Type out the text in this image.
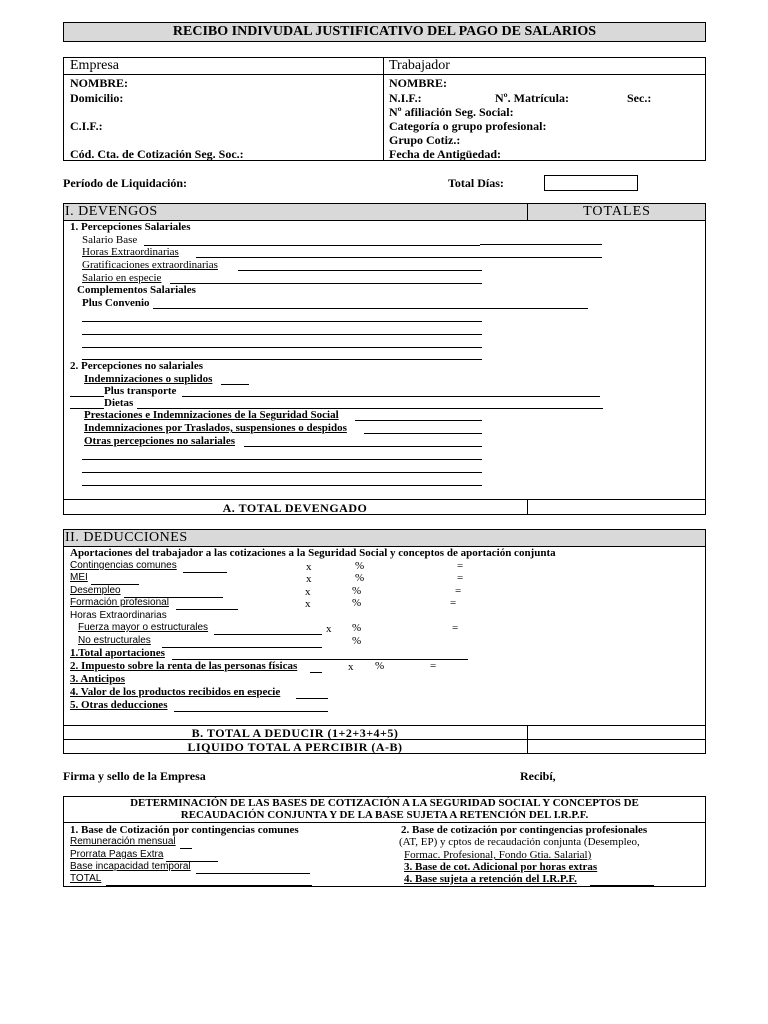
RECIBO INDIVUDAL JUSTIFICATIVO DEL PAGO DE SALARIOS
Empresa	Trabajador
NOMBRE:
Domicilio:
C.I.F.:
Cód. Cta. de Cotización Seg. Soc.:
NOMBRE:
N.I.F.:	Nº. Matrícula:	Sec.:
Nº afiliación Seg. Social:
Categoría o grupo profesional:
Grupo Cotiz.:
Fecha de Antigüedad:
Período de Liquidación:	Total Días:
I. DEVENGOS	TOTALES
1. Percepciones Salariales
Salario Base
Horas Extraordinarias
Gratificaciones extraordinarias
Salario en especie
Complementos Salariales
Plus Convenio
2. Percepciones no salariales
Indemnizaciones o suplidos
Plus transporte
Dietas
Prestaciones e Indemnizaciones de la Seguridad Social
Indemnizaciones por Traslados, suspensiones o despidos
Otras percepciones no salariales
A. TOTAL DEVENGADO
II. DEDUCCIONES
Aportaciones del trabajador a las cotizaciones a la Seguridad Social y conceptos de aportación conjunta
Contingencias comunes	x	%	=
MEI	x	%	=
Desempleo	x	%	=
Formación profesional	x	%	=
Horas Extraordinarias
Fuerza mayor o estructurales	x %	=
No estructurales	%
1.Total aportaciones
2. Impuesto sobre la renta de las personas físicas	x %	=
3. Anticipos
4. Valor de los productos recibidos en especie
5. Otras deducciones
B. TOTAL A DEDUCIR (1+2+3+4+5)
LIQUIDO TOTAL A PERCIBIR (A-B)
Firma y sello de la Empresa	Recibí,
DETERMINACIÓN DE LAS BASES DE COTIZACIÓN A LA SEGURIDAD SOCIAL Y CONCEPTOS DE
RECAUDACIÓN CONJUNTA Y DE LA BASE SUJETA A RETENCIÓN DEL I.R.P.F.
1. Base de Cotización por contingencias comunes
Remuneración mensual
Prorrata Pagas Extra
Base incapacidad temporal
TOTAL
2. Base de cotización por contingencias profesionales
(AT, EP) y cptos de recaudación conjunta (Desempleo,
Formac. Profesional, Fondo Gtia. Salarial)
3. Base de cot. Adicional por horas extras
4. Base sujeta a retención del I.R.P.F.
